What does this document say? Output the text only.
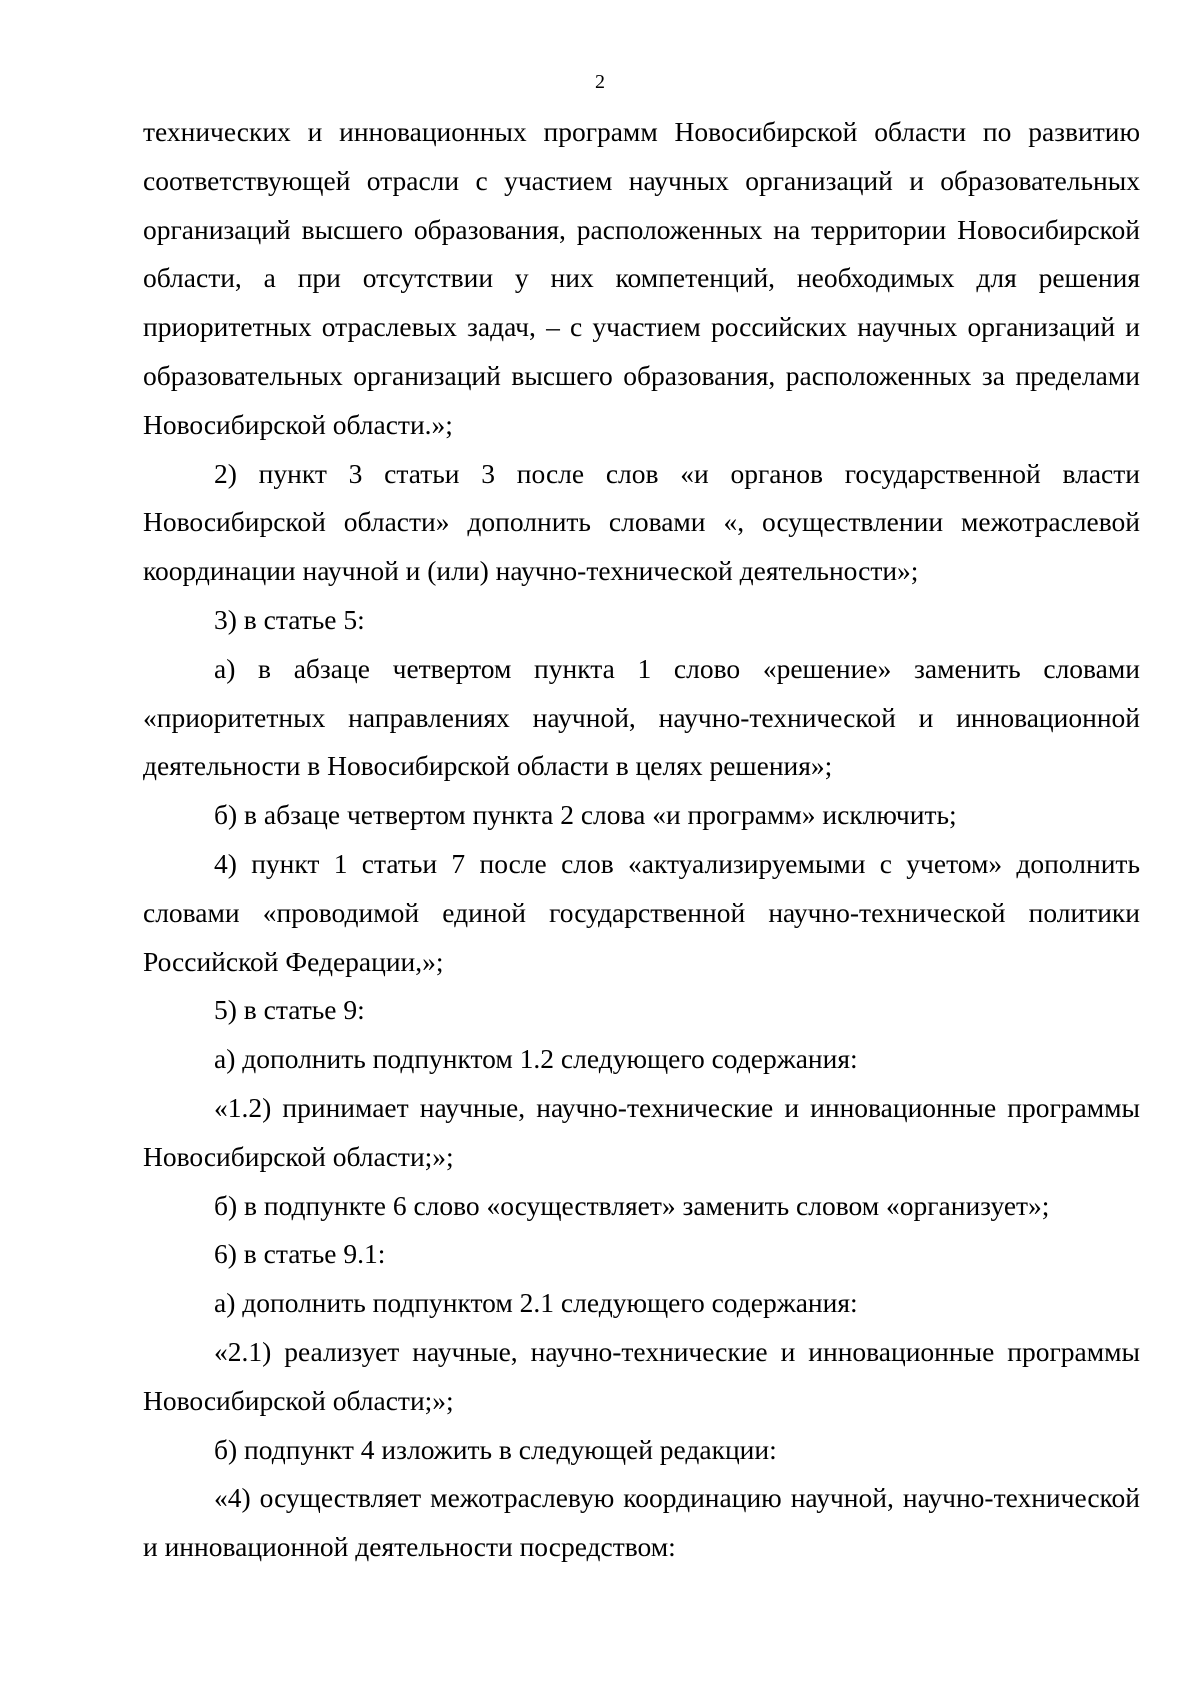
2

технических и инновационных программ Новосибирской области по развитию соответствующей отрасли с участием научных организаций и образовательных организаций высшего образования, расположенных на территории Новосибирской области, а при отсутствии у них компетенций, необходимых для решения приоритетных отраслевых задач, – с участием российских научных организаций и образовательных организаций высшего образования, расположенных за пределами Новосибирской области.»;

2) пункт 3 статьи 3 после слов «и органов государственной власти Новосибирской области» дополнить словами «, осуществлении межотраслевой координации научной и (или) научно-технической деятельности»;

3) в статье 5:

а) в абзаце четвертом пункта 1 слово «решение» заменить словами «приоритетных направлениях научной, научно-технической и инновационной деятельности в Новосибирской области в целях решения»;

б) в абзаце четвертом пункта 2 слова «и программ» исключить;

4) пункт 1 статьи 7 после слов «актуализируемыми с учетом» дополнить словами «проводимой единой государственной научно-технической политики Российской Федерации,»;

5) в статье 9:

а) дополнить подпунктом 1.2 следующего содержания:

«1.2) принимает научные, научно-технические и инновационные программы Новосибирской области;»;

б) в подпункте 6 слово «осуществляет» заменить словом «организует»;

6) в статье 9.1:

а) дополнить подпунктом 2.1 следующего содержания:

«2.1) реализует научные, научно-технические и инновационные программы Новосибирской области;»;

б) подпункт 4 изложить в следующей редакции:

«4) осуществляет межотраслевую координацию научной, научно-технической и инновационной деятельности посредством:
